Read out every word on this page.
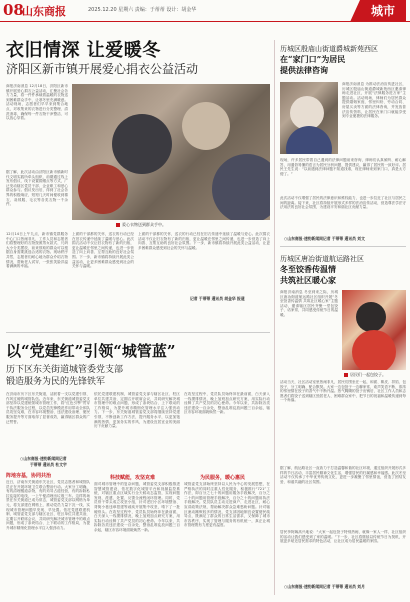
08
山东商报	2025.12.20 星期六 责编：于蒂蒂 设计：胡金华	城市
衣旧情深 让爱暖冬
济阳区新市镇开展爱心捐衣公益活动
商报济南消息 12月18日，济阳区新市镇开展爱心捐衣公益活动，汇聚社会各方力量，将一件件承载着温暖的衣物送到困难群众手中，让寒冬里充满暖意。活动现场，志愿者们早早来到集合地点，对收集来的衣物进行分类整理、清洗消毒，确保每一件衣物干净整洁、可以放心穿着。
据了解，此次活动由济阳区新市镇新时代文明实践所牵头组织，前期通过线上发布倡议、线下设置捐赠点等方式，广泛发动辖区党员干部、企业职工和爱心群众参与。倡议发出后，得到了社会各界的积极响应，短短几天时间便收到棉衣、羽绒服、毛衣等各类衣物一千余件。
爱心衣物送到群众手中。
12月14日上午九点，新市镇党群服务中心门口热闹非凡，工作人员和志愿者们将整理好的衣物按照男女款式、尺码大小分类摆放，前来领取的群众可以根据自身需要挑选合适的衣物。现场秩序井然，志愿者们耐心地为群众介绍衣物情况，帮助老人试穿，一张张笑脸洋溢着满满的幸福。
上面的干部都的关怀，送衣的行动已经在旧衣传递中延续了温暖与爱心。此次捐衣活动不仅让旧衣物有了新的归宿，更让温暖在邻里之间传递，也进一步营造了向上向善、互帮互助的良好社会氛围。下一步，新市镇将持续开展此类公益活动，让更多困难群众感受到社会的关怀与温暖。
上面的干部都的关怀，送衣的行动已经在旧衣传递中延续了温暖与爱心。此次捐衣活动不仅让旧衣物有了新的归宿，更让温暖在邻里之间传递，也进一步营造了向上向善、互帮互助的良好社会氛围。下一步，新市镇将持续开展此类公益活动，让更多困难群众感受到社会的关怀与温暖。
记者 于蒂蒂 通讯员 胡金华 报道
以“党建红”引领“城管蓝”
历下区东关街道城管委党支部
锻造服务为民的先锋铁军
在济南市历下区东关街道，活跃着一支以党建引领、作风过硬的城管队伍。近年来，东关街道城管委党支部坚持以党建统领城市管理工作，将“红色引擎”贯穿于执法服务全过程，以党员先锋模范作用带动全体队员攻坚克难，在市容环境整治、违法建设治理、便民服务提升等方面取得了显著成效，赢得辖区群众的广泛赞誉。
○山东商报·速豹新闻网记者
于蒂蒂 通讯员 杜文宇
阵地夯基，协同共治
近日，济南东关街道东关社区，党员志愿者和城管队员正在开展环境卫生联合整治行动。大家分工明确，有的清理楼道杂物，有的劝导占道经营，有的拆除私拉乱接的电线，一上午便清理出垃圾三车。这样的场景在东关街道已成为常态，城管委党支部以网格为单元，将支部建在网格上，推动党员力量下沉一线，实现城市管理问题早发现、早处置。依托党建联建机制，城管委党支部与辖区社区、驻区单位共建共治，定期召开联席会议，共同研究解决城市管理中的难点问题，形成了条块结合、上下联动的工作格局，为提升城市精细化管理水平注入强劲动力。
依托党建联建机制，城管委党支部与辖区社区、驻区单位共建共治，定期召开联席会议，共同研究解决城市管理中的难点问题，形成了条块结合、上下联动的工作格局，为提升城市精细化管理水平注入强劲动力。下一步，东关街道城管委党支部将继续坚持党建引领，不断创新工作方法，提升服务水平，以更加饱满的热情、更加务实的作风，为建设宜居宜业的美丽历下贡献力量。
科技赋能，攻坚克难
面对城市管理中的复杂问题，城管委党支部积极推进智慧城管建设，依托数字化城管平台和视频监控系统，对辖区重点区域实行全天候动态监管，实现问题发现、派遣、处置、反馈全流程闭环管理。同时，党员骨干带头成立攻坚小组，针对老旧小区环境整治、背街小巷违章搭建等顽疾开展集中攻坚，啃下了一批硬骨头。在攻坚过程中，党员队员始终冲在最前面，白天深入一线摸排情况，晚上加班加点研究方案，用实际行动诠释了共产党员的初心使命。今年以来，共拆除各类违法建设一百余处，整治乱堆乱放问题三百余起，辖区市容环境面貌焕然一新。
在攻坚过程中，党员队员始终冲在最前面，白天深入一线摸排情况，晚上加班加点研究方案，用实际行动诠释了共产党员的初心使命。今年以来，共拆除各类违法建设一百余处，整治乱堆乱放问题三百余起，辖区市容环境面貌焕然一新。
为民服务，暖心惠民
城管委党支部始终坚持以人民为中心的发展思想，在严格执法的同时注重人性化服务，积极推行“721”工作法，即百分之七十的问题用服务手段解决，百分之二十的问题用管理手段解决，百分之十的问题用执法手段解决。党员队员主动走进商户、走进社区，耐心宣讲政策法规，帮助解决群众急难愁盼问题。针对辖区流动摊贩较多的情况，党支部因地制宜设置便民疏导点，既满足了群众的日常生活需求，又保障了城市市容秩序，实现了管理与服务的有机统一，真正让城市管理既有力度更有温度。
历城区殷庙山街道爵城新苑西区
在“家门口”为居民
提供法律咨询
商报济南消息 为推动法治宣传进社区，历城区殷庙山街道爵城新苑西区邀请律师走进社区，开展“法律服务进万家”主题活动。活动现场，律师们为居民群众提供婚姻家庭、邻里纠纷、劳动合同、房屋买卖等方面的法律咨询，并发放普法宣传资料，让居民在家门口就能享受到专业便捷的法律服务。
现场，许多居民带着自己遇到的法律问题前来咨询，律师们认真倾听、耐心解答，用通俗易懂的语言为居民分析问题、提供建议，赢得了居民的一致好评。居民王先生说：“以前遇到法律问题不知道找谁，现在律师来到家门口，真是太方便了。”
此次活动不仅增强了居民的法律意识和维权能力，也进一步拉近了社区与居民之间的距离。接下来，社区将持续开展形式多样的法治宣传活动，营造尊法学法守法用法的良好社会氛围，为建设平安和谐社区贡献力量。
○山东商报·速豹新闻网记者 于蒂蒂 通讯员 刘文
历城区唐冶街道航运路社区
冬至饺香传温情
共筑社区暖心家
商报济南消息 冬至到来之际，历城区唐冶街道航运路社区组织开展“冬至饺香传温情 共筑社区暖心家”主题活动，邀请辖区居民齐聚一堂包饺子、话家常，共同感受传统节日的温暖。
居民们一起包饺子。
活动当天，社区活动室里热闹非凡，居民们围坐在一起，和面、擀皮、拌馅、包饺子，分工明确、配合默契。大家一边包饺子一边聊家常，欢声笑语不断，浓浓的邻里情在饺子的香气中不断升温。热气腾腾的饺子出锅后，社区工作人员和志愿者们将饺子送到辖区独居老人、困难群众家中，把节日的祝福和温暖传递到每一个角落。
据了解，航运路社区一直致力于打造温馨和谐的社区环境，通过组织开展形式多样的节日活动，丰富居民精神文化生活，增强居民的归属感和幸福感。此次冬至活动不仅传承了中华优秀传统文化，更进一步凝聚了邻里情谊，营造了团结友爱、和谐共融的社区氛围。
居民李阿姨高兴地说：“大家一起包饺子特别热闹，就像一家人一样，社区组织的活动让我们感受到了家的温暖。”下一步，社区将继续以传统节日为契机，开展更多贴近居民需求的特色活动，让社区成为居民温暖的家园。
○山东商报·速豹新闻网记者 于蒂蒂 通讯员 刘月
